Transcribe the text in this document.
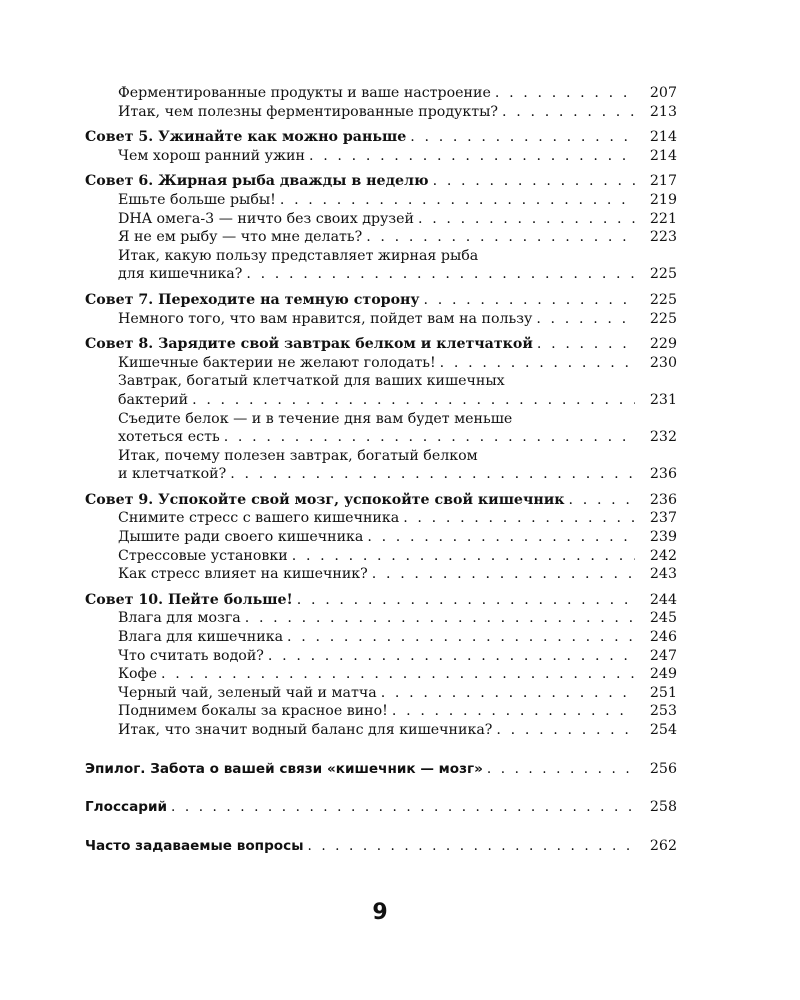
Ферментированные продукты и ваше настроение . . .	207
Итак, чем полезны ферментированные продукты? . . .	213
Совет 5. Ужинайте как можно раньше . . .	214
Чем хорош ранний ужин . . .	214
Совет 6. Жирная рыба дважды в неделю . . .	217
Ешьте больше рыбы! . . .	219
DHA омега-3 — ничто без своих друзей . . .	221
Я не ем рыбу — что мне делать? . . .	223
Итак, какую пользу представляет жирная рыба
для кишечника? . . .	225
Совет 7. Переходите на темную сторону . . .	225
Немного того, что вам нравится, пойдет вам на пользу . . .	225
Совет 8. Зарядите свой завтрак белком и клетчаткой . . .	229
Кишечные бактерии не желают голодать! . . .	230
Завтрак, богатый клетчаткой для ваших кишечных
бактерий . . .	231
Съедите белок — и в течение дня вам будет меньше
хотеться есть . . .	232
Итак, почему полезен завтрак, богатый белком
и клетчаткой? . . .	236
Совет 9. Успокойте свой мозг, успокойте свой кишечник . . .	236
Снимите стресс с вашего кишечника . . .	237
Дышите ради своего кишечника . . .	239
Стрессовые установки . . .	242
Как стресс влияет на кишечник? . . .	243
Совет 10. Пейте больше! . . .	244
Влага для мозга . . .	245
Влага для кишечника . . .	246
Что считать водой? . . .	247
Кофе . . .	249
Черный чай, зеленый чай и матча . . .	251
Поднимем бокалы за красное вино! . . .	253
Итак, что значит водный баланс для кишечника? . . .	254
Эпилог. Забота о вашей связи «кишечник — мозг» . . .	256
Глоссарий . . .	258
Часто задаваемые вопросы . . .	262
9
